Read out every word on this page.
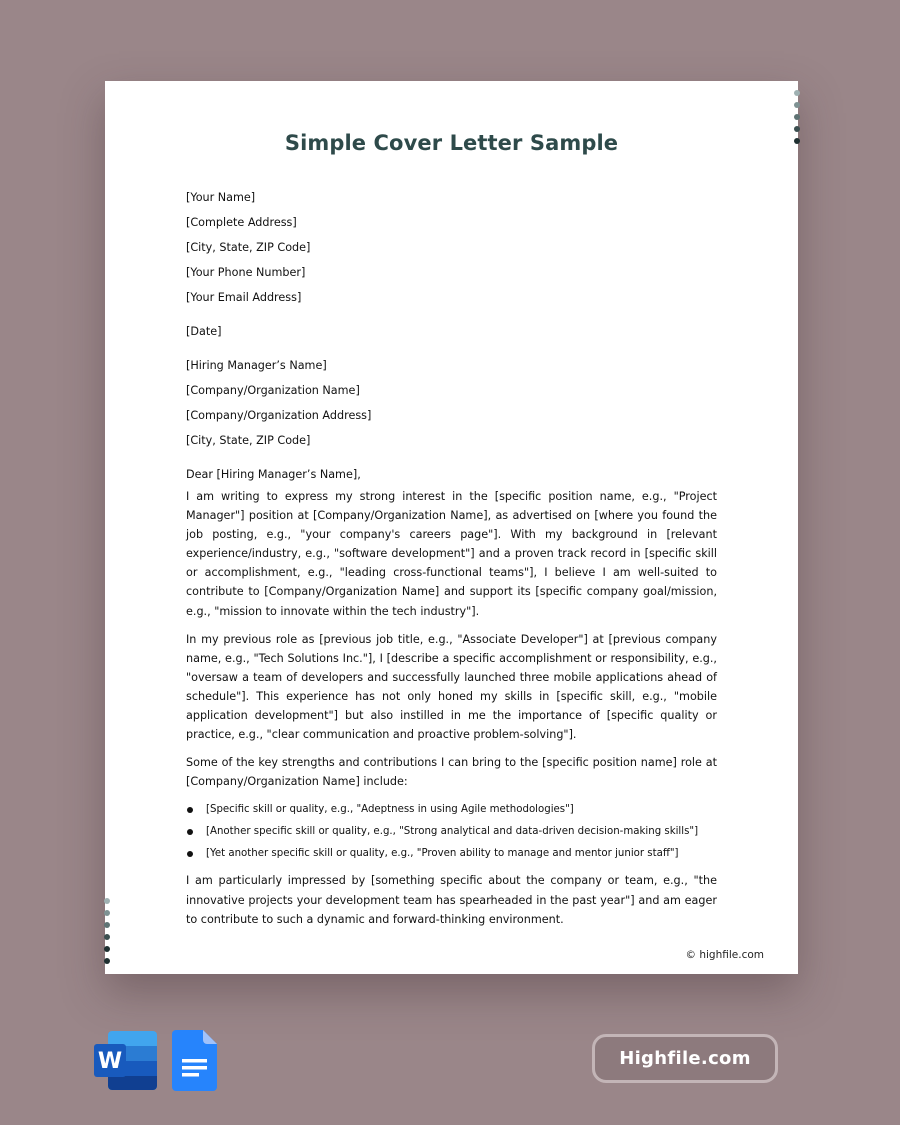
Simple Cover Letter Sample
[Your Name]
[Complete Address]
[City, State, ZIP Code]
[Your Phone Number]
[Your Email Address]
[Date]
[Hiring Manager’s Name]
[Company/Organization Name]
[Company/Organization Address]
[City, State, ZIP Code]
Dear [Hiring Manager’s Name],

I am writing to express my strong interest in the [specific position name, e.g., "Project Manager"] position at [Company/Organization Name], as advertised on [where you found the job posting, e.g., "your company's careers page"]. With my background in [relevant experience/industry, e.g., "software development"] and a proven track record in [specific skill or accomplishment, e.g., "leading cross-functional teams"], I believe I am well-suited to contribute to [Company/Organization Name] and support its [specific company goal/mission, e.g., "mission to innovate within the tech industry"].

In my previous role as [previous job title, e.g., "Associate Developer"] at [previous company name, e.g., "Tech Solutions Inc."], I [describe a specific accomplishment or responsibility, e.g., "oversaw a team of developers and successfully launched three mobile applications ahead of schedule"]. This experience has not only honed my skills in [specific skill, e.g., "mobile application development"] but also instilled in me the importance of [specific quality or practice, e.g., "clear communication and proactive problem-solving"].

Some of the key strengths and contributions I can bring to the [specific position name] role at [Company/Organization Name] include:

[Specific skill or quality, e.g., "Adeptness in using Agile methodologies"]
[Another specific skill or quality, e.g., "Strong analytical and data-driven decision-making skills"]
[Yet another specific skill or quality, e.g., "Proven ability to manage and mentor junior staff"]

I am particularly impressed by [something specific about the company or team, e.g., "the innovative projects your development team has spearheaded in the past year"] and am eager to contribute to such a dynamic and forward-thinking environment.

© highfile.com
W	Highfile.com
